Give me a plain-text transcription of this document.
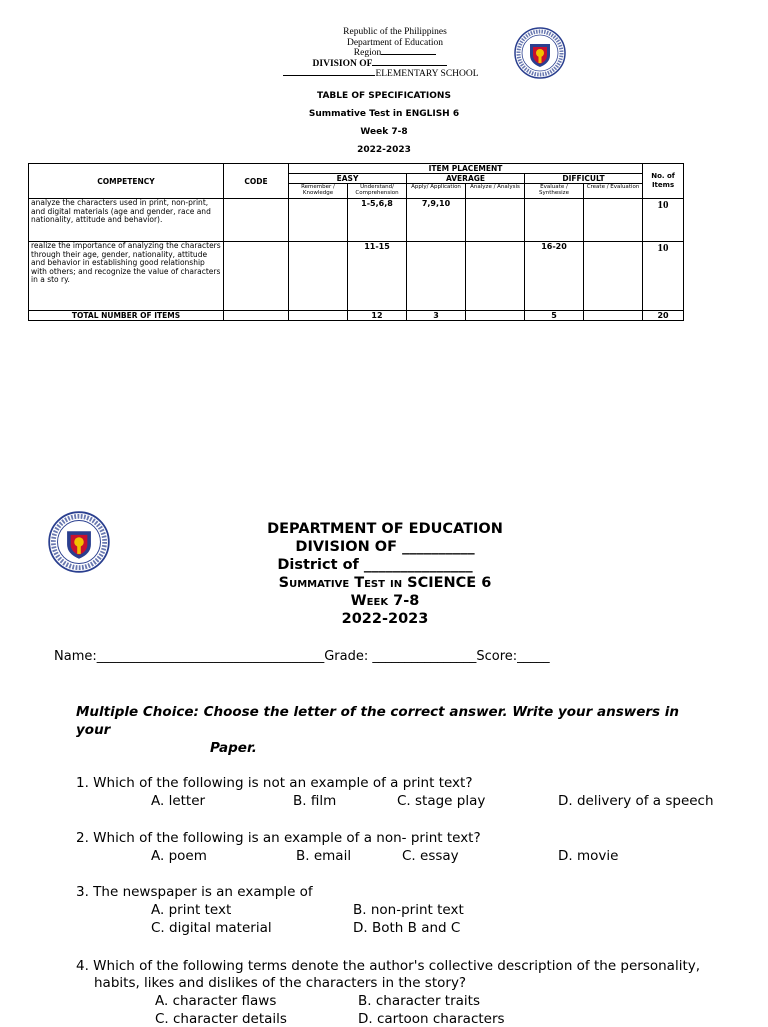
Republic of the Philippines
Department of Education
Region
DIVISION OF
ELEMENTARY SCHOOL
TABLE OF SPECIFICATIONS
Summative Test in ENGLISH 6
Week 7-8
2022-2023
COMPETENCY	CODE	ITEM PLACEMENT						No. of Items
		EASY		AVERAGE		DIFFICULT		
		Remember / Knowledge	Understand/ Comprehension	Apply/ Application	Analyze / Analysis	Evaluate / Synthesize	Create / Evaluation	
analyze the characters used in print, non-print, and digital materials (age and gender, race and nationality, attitude and behavior).			1-5,6,8	7,9,10				10
realize the importance of analyzing the characters through their age, gender, nationality, attitude and behavior in establishing good relationship with others; and recognize the value of characters in a sto ry.			11-15			16-20		10
TOTAL NUMBER OF ITEMS			12	3		5		20
DEPARTMENT OF EDUCATION
DIVISION OF __________
District of _______________
Summative Test in SCIENCE 6
Week 7-8
2022-2023
Name:___________________________________Grade: ________________Score:_____
Multiple Choice: Choose the letter of the correct answer. Write your answers in your
Paper.
1. Which of the following is not an example of a print text?
A. letter	B. film	C. stage play	D. delivery of a speech
2. Which of the following is an example of a non- print text?
A. poem	B. email	C. essay	D. movie
3. The newspaper is an example of
A. print text	B. non-print text
C. digital material	D. Both B and C
4. Which of the following terms denote the author's collective description of the personality,
habits, likes and dislikes of the characters in the story?
A. character flaws	B. character traits
C. character details	D. cartoon characters
